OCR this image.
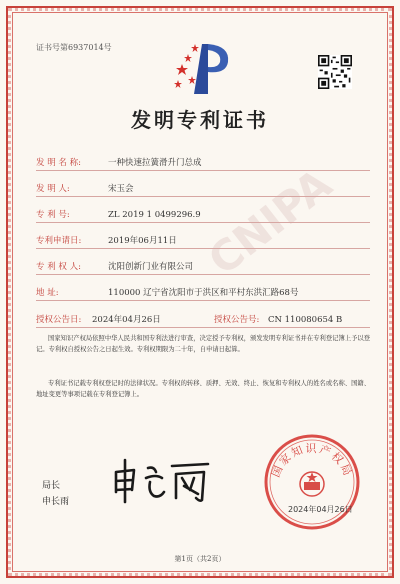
CNIPA
证书号第6937014号
发明专利证书
发 明 名 称:	一种快速拉簧滑升门总成
发 明 人:	宋玉会
专 利 号:	ZL 2019 1 0499296.9
专利申请日:	2019年06月11日
专 利 权 人:	沈阳创新门业有限公司
地 址:	110000 辽宁省沈阳市于洪区和平村东洪汇路68号
授权公告日: 2024年04月26日	授权公告号: CN 110080654 B
国家知识产权局依照中华人民共和国专利法进行审查，决定授予专利权，颁发发明专利证书并在专利登记簿上予以登记。专利权自授权公告之日起生效。专利权期限为二十年，自申请日起算。
专利证书记载专利权登记时的法律状况。专利权的转移、质押、无效、终止、恢复和专利权人的姓名或名称、国籍、地址变更等事项记载在专利登记簿上。
局长
申长雨
国家知识产权局
2024年04月26日
第1页（共2页）
